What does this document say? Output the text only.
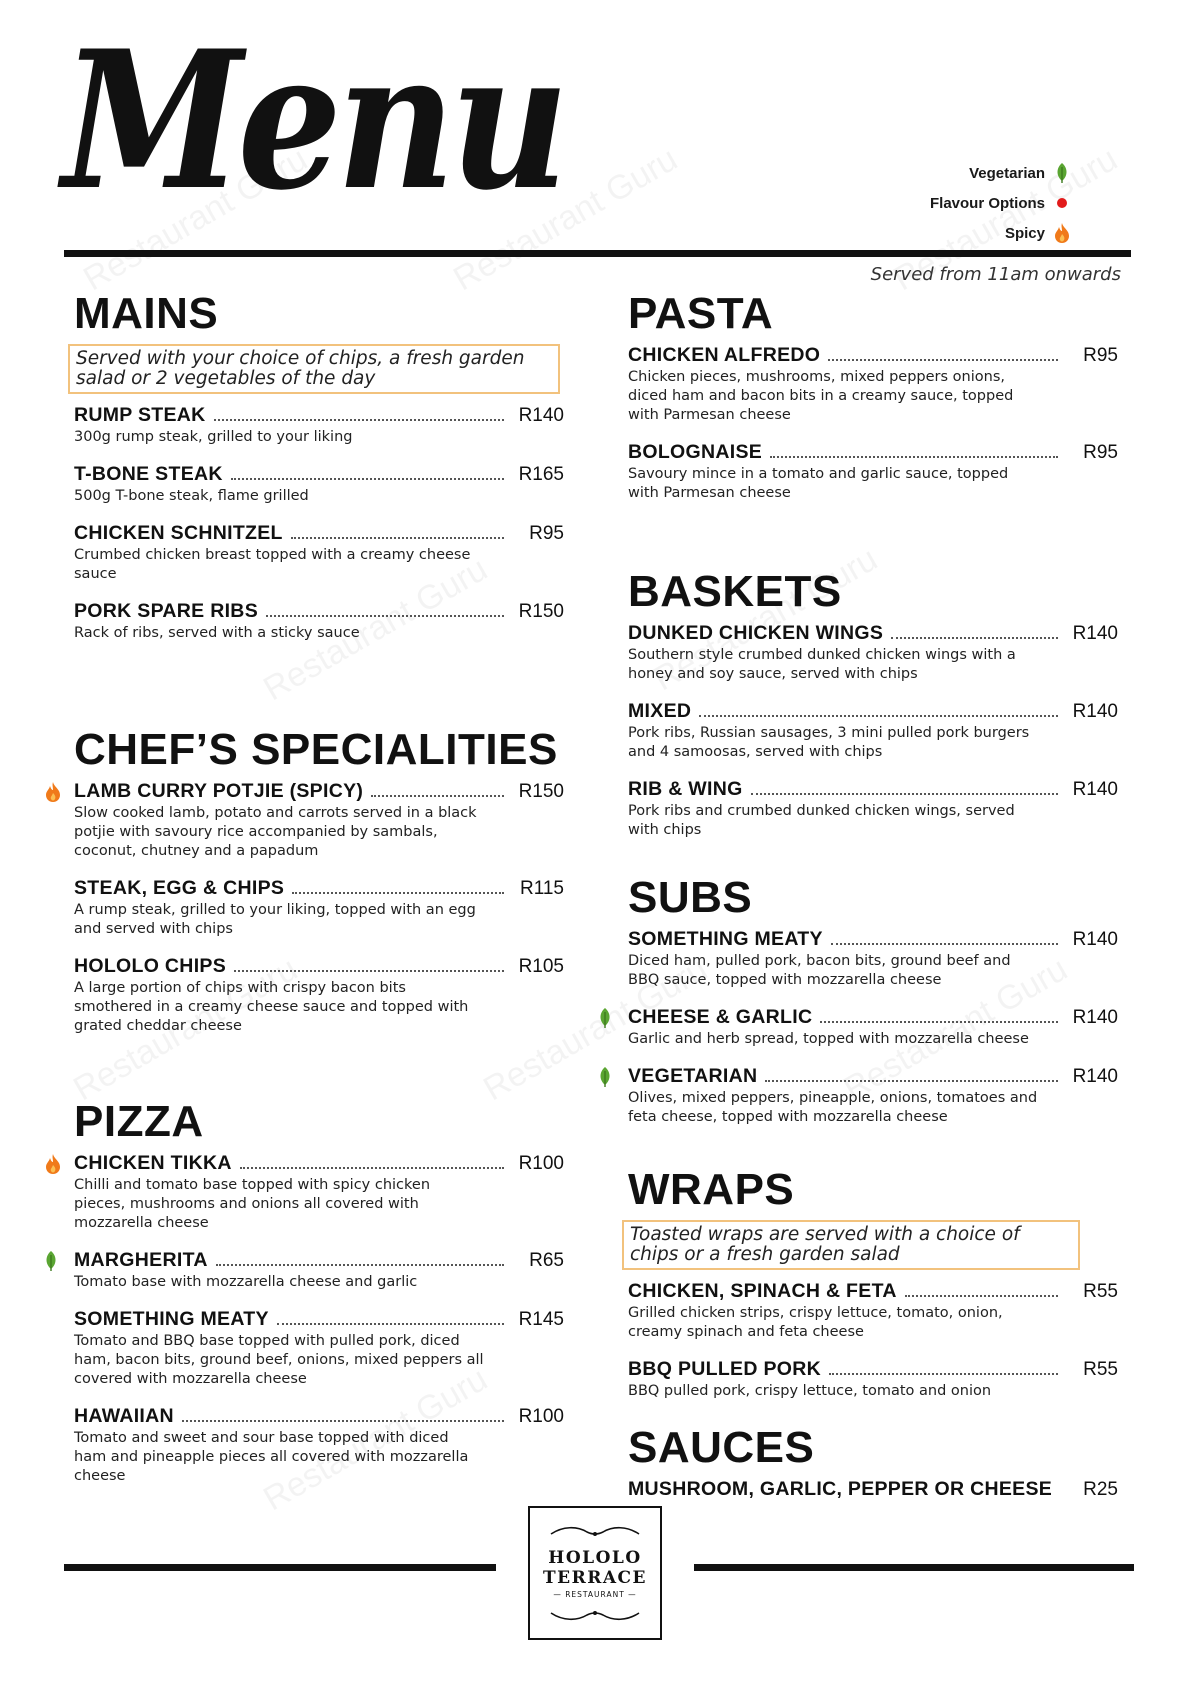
Menu	Vegetarian
Flavour Options
Spicy
Served from 11am onwards
MAINS
Served with your choice of chips, a fresh garden salad or 2 vegetables of the day
RUMP STEAK	R140
300g rump steak, grilled to your liking
T-BONE STEAK	R165
500g T-bone steak, flame grilled
CHICKEN SCHNITZEL	R95
Crumbed chicken breast topped with a creamy cheese sauce
PORK SPARE RIBS	R150
Rack of ribs, served with a sticky sauce
CHEF’S SPECIALITIES
LAMB CURRY POTJIE (SPICY)	R150
Slow cooked lamb, potato and carrots served in a black potjie with savoury rice accompanied by sambals, coconut, chutney and a papadum
STEAK, EGG & CHIPS	R115
A rump steak, grilled to your liking, topped with an egg and served with chips
HOLOLO CHIPS	R105
A large portion of chips with crispy bacon bits smothered in a creamy cheese sauce and topped with grated cheddar cheese
PIZZA
CHICKEN TIKKA	R100
Chilli and tomato base topped with spicy chicken pieces, mushrooms and onions all covered with mozzarella cheese
MARGHERITA	R65
Tomato base with mozzarella cheese and garlic
SOMETHING MEATY	R145
Tomato and BBQ base topped with pulled pork, diced ham, bacon bits, ground beef, onions, mixed peppers all covered with mozzarella cheese
HAWAIIAN	R100
Tomato and sweet and sour base topped with diced ham and pineapple pieces all covered with mozzarella cheese
PASTA
CHICKEN ALFREDO	R95
Chicken pieces, mushrooms, mixed peppers onions, diced ham and bacon bits in a creamy sauce, topped with Parmesan cheese
BOLOGNAISE	R95
Savoury mince in a tomato and garlic sauce, topped with Parmesan cheese
BASKETS
DUNKED CHICKEN WINGS	R140
Southern style crumbed dunked chicken wings with a honey and soy sauce, served with chips
MIXED	R140
Pork ribs, Russian sausages, 3 mini pulled pork burgers and 4 samoosas, served with chips
RIB & WING	R140
Pork ribs and crumbed dunked chicken wings, served with chips
SUBS
SOMETHING MEATY	R140
Diced ham, pulled pork, bacon bits, ground beef and BBQ sauce, topped with mozzarella cheese
CHEESE & GARLIC	R140
Garlic and herb spread, topped with mozzarella cheese
VEGETARIAN	R140
Olives, mixed peppers, pineapple, onions, tomatoes and feta cheese, topped with mozzarella cheese
WRAPS
Toasted wraps are served with a choice of chips or a fresh garden salad
CHICKEN, SPINACH & FETA	R55
Grilled chicken strips, crispy lettuce, tomato, onion, creamy spinach and feta cheese
BBQ PULLED PORK	R55
BBQ pulled pork, crispy lettuce, tomato and onion
SAUCES
MUSHROOM, GARLIC, PEPPER OR CHEESE	R25
HOLOLO
TERRACE
— RESTAURANT —
